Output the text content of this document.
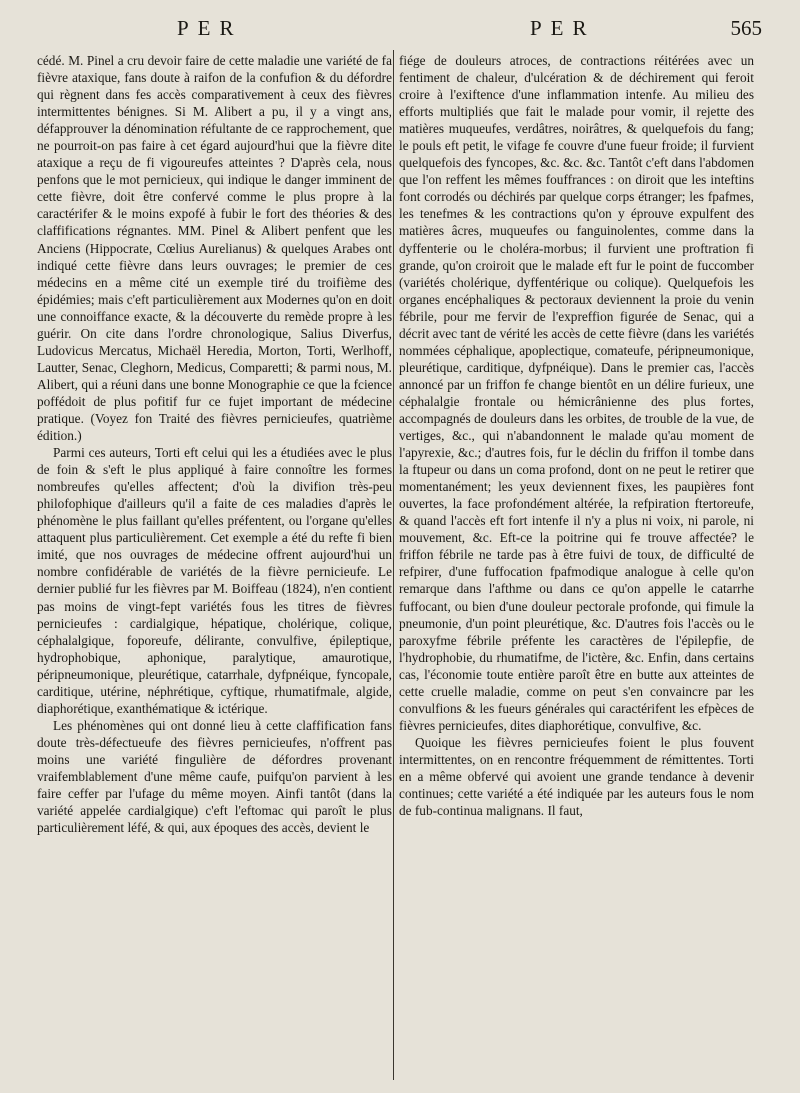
PER	PER	565

cédé. M. Pinel a cru devoir faire de cette maladie une variété de fa fièvre ataxique, fans doute à raifon de la confufion & du défordre qui règnent dans fes accès comparativement à ceux des fièvres intermittentes bénignes. Si M. Alibert a pu, il y a vingt ans, défapprouver la dénomination réfultante de ce rapprochement, que ne pourroit-on pas faire à cet égard aujourd'hui que la fièvre dite ataxique a reçu de fi vigoureufes atteintes ? D'après cela, nous penfons que le mot pernicieux, qui indique le danger imminent de cette fièvre, doit être confervé comme le plus propre à la caractérifer & le moins expofé à fubir le fort des théories & des claffifications régnantes. MM. Pinel & Alibert penfent que les Anciens (Hippocrate, Cœlius Aurelianus) & quelques Arabes ont indiqué cette fièvre dans leurs ouvrages; le premier de ces médecins en a même cité un exemple tiré du troifième des épidémies; mais c'eft particulièrement aux Modernes qu'on en doit une connoiffance exacte, & la découverte du remède propre à les guérir. On cite dans l'ordre chronologique, Salius Diverfus, Ludovicus Mercatus, Michaël Heredia, Morton, Torti, Werlhoff, Lautter, Senac, Cleghorn, Medicus, Comparetti; & parmi nous, M. Alibert, qui a réuni dans une bonne Monographie ce que la fcience poffédoit de plus pofitif fur ce fujet important de médecine pratique. (Voyez fon Traité des fièvres pernicieufes, quatrième édition.)

Parmi ces auteurs, Torti eft celui qui les a étudiées avec le plus de foin & s'eft le plus appliqué à faire connoître les formes nombreufes qu'elles affectent; d'où la divifion très-peu philofophique d'ailleurs qu'il a faite de ces maladies d'après le phénomène le plus faillant qu'elles préfentent, ou l'organe qu'elles attaquent plus particulièrement. Cet exemple a été du refte fi bien imité, que nos ouvrages de médecine offrent aujourd'hui un nombre confidérable de variétés de la fièvre pernicieufe. Le dernier publié fur les fièvres par M. Boiffeau (1824), n'en contient pas moins de vingt-fept variétés fous les titres de fièvres pernicieufes : cardialgique, hépatique, cholérique, colique, céphalalgique, foporeufe, délirante, convulfive, épileptique, hydrophobique, aphonique, paralytique, amaurotique, péripneumonique, pleurétique, catarrhale, dyfpnéique, fyncopale, carditique, utérine, néphrétique, cyftique, rhumatifmale, algide, diaphorétique, exanthématique & ictérique.

Les phénomènes qui ont donné lieu à cette claffification fans doute très-défectueufe des fièvres pernicieufes, n'offrent pas moins une variété fingulière de défordres provenant vraifemblablement d'une même caufe, puifqu'on parvient à les faire ceffer par l'ufage du même moyen. Ainfi tantôt (dans la variété appelée cardialgique) c'eft l'eftomac qui paroît le plus particulièrement léfé, & qui, aux époques des accès, devient le

fiége de douleurs atroces, de contractions réitérées avec un fentiment de chaleur, d'ulcération & de déchirement qui feroit croire à l'exiftence d'une inflammation intenfe. Au milieu des efforts multipliés que fait le malade pour vomir, il rejette des matières muqueufes, verdâtres, noirâtres, & quelquefois du fang; le pouls eft petit, le vifage fe couvre d'une fueur froide; il furvient quelquefois des fyncopes, &c. &c. &c. Tantôt c'eft dans l'abdomen que l'on reffent les mêmes fouffrances : on diroit que les inteftins font corrodés ou déchirés par quelque corps étranger; les fpafmes, les tenefmes & les contractions qu'on y éprouve expulfent des matières âcres, muqueufes ou fanguinolentes, comme dans la dyffenterie ou le choléra-morbus; il furvient une proftration fi grande, qu'on croiroit que le malade eft fur le point de fuccomber (variétés cholérique, dyffentérique ou colique). Quelquefois les organes encéphaliques & pectoraux deviennent la proie du venin fébrile, pour me fervir de l'expreffion figurée de Senac, qui a décrit avec tant de vérité les accès de cette fièvre (dans les variétés nommées céphalique, apoplectique, comateufe, péripneumonique, pleurétique, carditique, dyfpnéique). Dans le premier cas, l'accès annoncé par un friffon fe change bientôt en un délire furieux, une céphalalgie frontale ou hémicrânienne des plus fortes, accompagnés de douleurs dans les orbites, de trouble de la vue, de vertiges, &c., qui n'abandonnent le malade qu'au moment de l'apyrexie, &c.; d'autres fois, fur le déclin du friffon il tombe dans la ftupeur ou dans un coma profond, dont on ne peut le retirer que momentanément; les yeux deviennent fixes, les paupières font ouvertes, la face profondément altérée, la refpiration ftertoreufe, & quand l'accès eft fort intenfe il n'y a plus ni voix, ni parole, ni mouvement, &c. Eft-ce la poitrine qui fe trouve affectée? le friffon fébrile ne tarde pas à être fuivi de toux, de difficulté de refpirer, d'une fuffocation fpafmodique analogue à celle qu'on remarque dans l'afthme ou dans ce qu'on appelle le catarrhe fuffocant, ou bien d'une douleur pectorale profonde, qui fimule la pneumonie, d'un point pleurétique, &c. D'autres fois l'accès ou le paroxyfme fébrile préfente les caractères de l'épilepfie, de l'hydrophobie, du rhumatifme, de l'ictère, &c. Enfin, dans certains cas, l'économie toute entière paroît être en butte aux atteintes de cette cruelle maladie, comme on peut s'en convaincre par les convulfions & les fueurs générales qui caractérifent les efpèces de fièvres pernicieufes, dites diaphorétique, convulfive, &c.

Quoique les fièvres pernicieufes foient le plus fouvent intermittentes, on en rencontre fréquemment de rémittentes. Torti en a même obfervé qui avoient une grande tendance à devenir continues; cette variété a été indiquée par les auteurs fous le nom de fub-continua malignans. Il faut,
